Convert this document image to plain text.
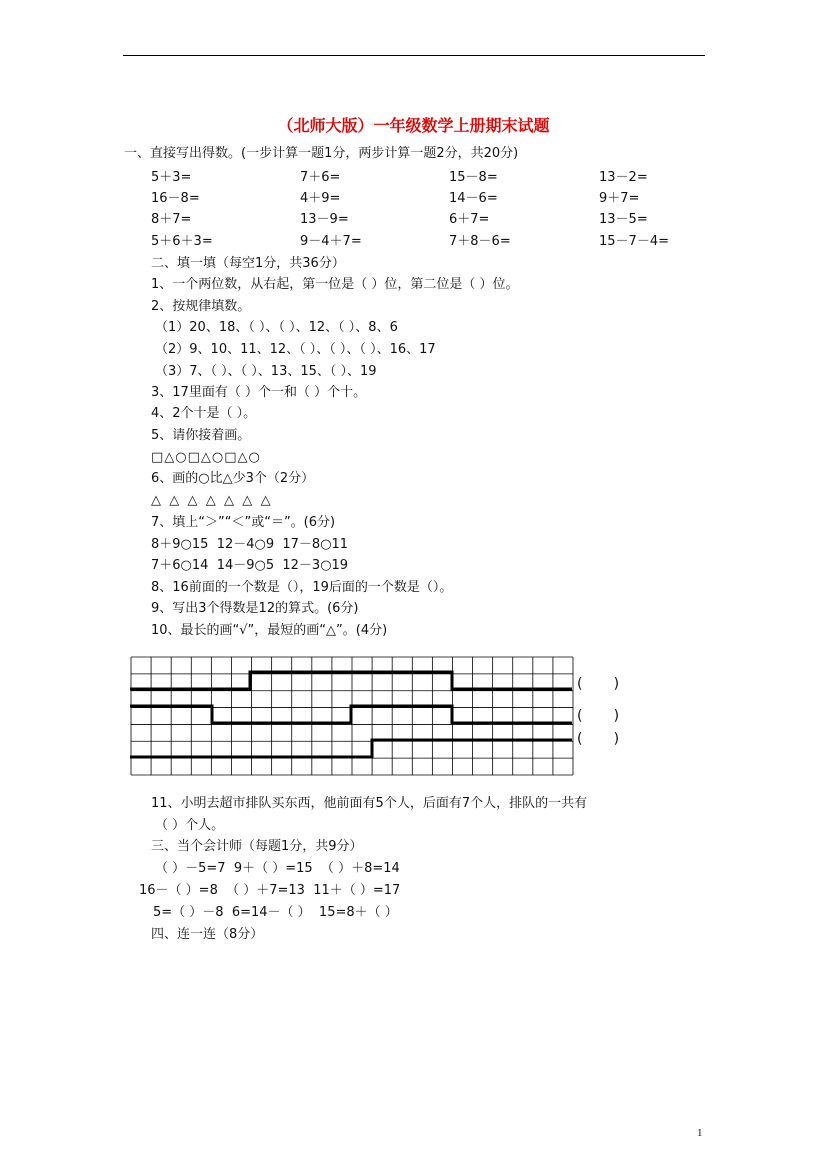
（北师大版）一年级数学上册期末试题
一、直接写出得数。(一步计算一题1分，两步计算一题2分，共20分)
5＋3=	7＋6=	15－8=	13－2=
16－8=	4＋9=	14－6=	9＋7=
8＋7=	13－9=	6＋7=	13－5=
5＋6＋3=	9－4＋7=	7＋8－6=	15－7－4=
二、填一填（每空1分，共36分）
1、一个两位数，从右起，第一位是（ ）位，第二位是（ ）位。
2、按规律填数。
（1）20、18、（ ）、（ ）、12、（ ）、8、6
（2）9、10、11、12、（ ）、（ ）、（ ）、16、17
（3）7、（ ）、（ ）、13、15、（ ）、19
3、17里面有（ ）个一和（ ）个十。
4、2个十是（ ）。
5、请你接着画。
□△○□△○□△○
6、画的○比△少3个（2分）
△  △  △  △  △  △  △
7、填上“＞”“＜”或“＝”。(6分)
8＋9○15  12－4○9  17－8○11
7＋6○14  14－9○5  12－3○19
8、16前面的一个数是（），19后面的一个数是（）。
9、写出3个得数是12的算式。(6分)
10、最长的画“√”，最短的画“△”。(4分)
(       )
(       )
(       )
11、小明去超市排队买东西，他前面有5个人，后面有7个人，排队的一共有
（ ）个人。
三、当个会计师（每题1分，共9分）
（ ）－5=7  9＋（ ）=15  （ ）＋8=14
16－（ ）=8  （ ）＋7=13  11＋（ ）=17
5=（ ）－8  6=14－（ ）  15=8＋（ ）
四、连一连（8分）
1
